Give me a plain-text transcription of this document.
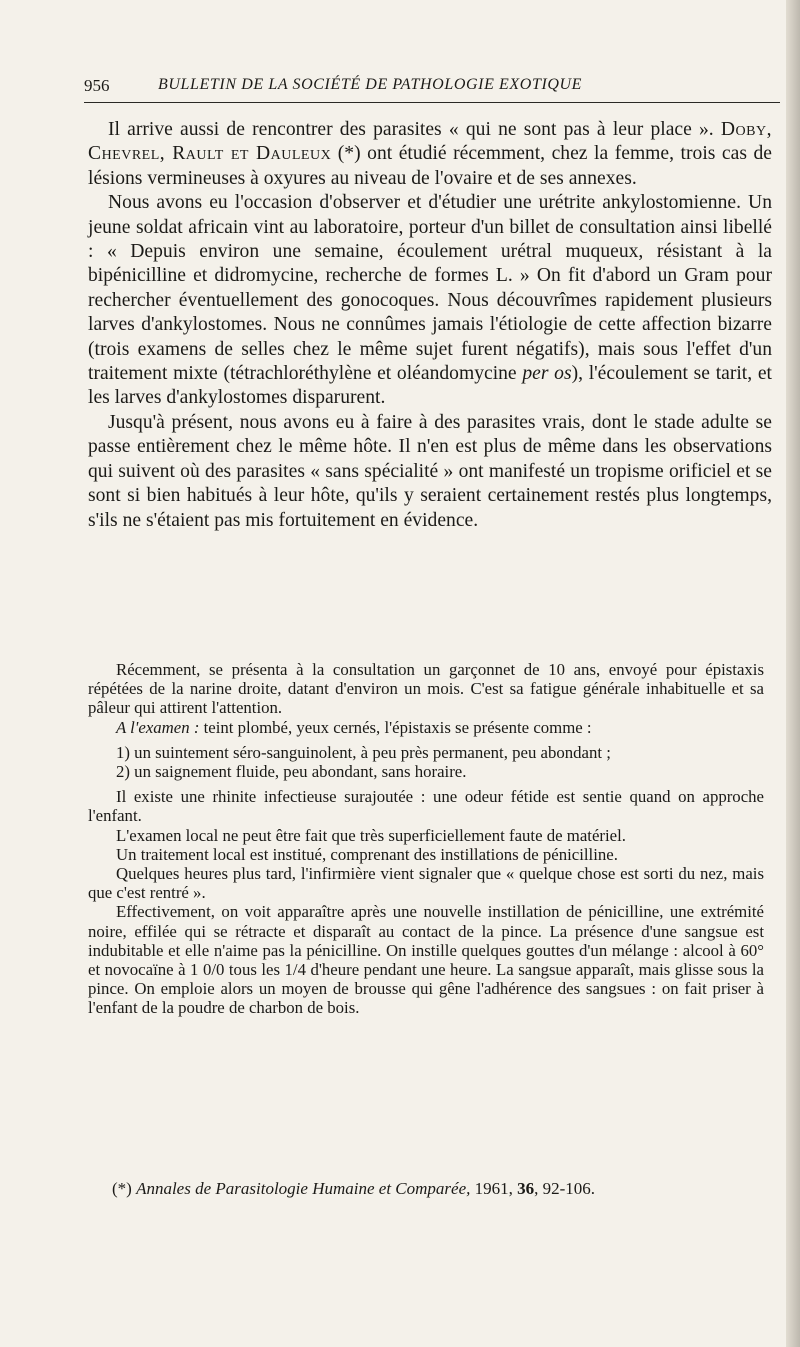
956	BULLETIN DE LA SOCIÉTÉ DE PATHOLOGIE EXOTIQUE

Il arrive aussi de rencontrer des parasites « qui ne sont pas à leur place ». Doby, Chevrel, Rault et Dauleux (*) ont étudié récemment, chez la femme, trois cas de lésions vermineuses à oxyures au niveau de l'ovaire et de ses annexes.

Nous avons eu l'occasion d'observer et d'étudier une urétrite ankylostomienne. Un jeune soldat africain vint au laboratoire, porteur d'un billet de consultation ainsi libellé : « Depuis environ une semaine, écoulement urétral muqueux, résistant à la bipénicilline et didromycine, recherche de formes L. » On fit d'abord un Gram pour rechercher éventuellement des gonocoques. Nous découvrîmes rapidement plusieurs larves d'ankylostomes. Nous ne connûmes jamais l'étiologie de cette affection bizarre (trois examens de selles chez le même sujet furent négatifs), mais sous l'effet d'un traitement mixte (tétrachloréthylène et oléandomycine per os), l'écoulement se tarit, et les larves d'ankylostomes disparurent.

Jusqu'à présent, nous avons eu à faire à des parasites vrais, dont le stade adulte se passe entièrement chez le même hôte. Il n'en est plus de même dans les observations qui suivent où des parasites « sans spécialité » ont manifesté un tropisme orificiel et se sont si bien habitués à leur hôte, qu'ils y seraient certainement restés plus longtemps, s'ils ne s'étaient pas mis fortuitement en évidence.

Récemment, se présenta à la consultation un garçonnet de 10 ans, envoyé pour épistaxis répétées de la narine droite, datant d'environ un mois. C'est sa fatigue générale inhabituelle et sa pâleur qui attirent l'attention.

A l'examen : teint plombé, yeux cernés, l'épistaxis se présente comme :

1) un suintement séro-sanguinolent, à peu près permanent, peu abondant ;

2) un saignement fluide, peu abondant, sans horaire.

Il existe une rhinite infectieuse surajoutée : une odeur fétide est sentie quand on approche l'enfant.

L'examen local ne peut être fait que très superficiellement faute de matériel.

Un traitement local est institué, comprenant des instillations de pénicilline.

Quelques heures plus tard, l'infirmière vient signaler que « quelque chose est sorti du nez, mais que c'est rentré ».

Effectivement, on voit apparaître après une nouvelle instillation de pénicilline, une extrémité noire, effilée qui se rétracte et disparaît au contact de la pince. La présence d'une sangsue est indubitable et elle n'aime pas la pénicilline. On instille quelques gouttes d'un mélange : alcool à 60° et novocaïne à 1 0/0 tous les 1/4 d'heure pendant une heure. La sangsue apparaît, mais glisse sous la pince. On emploie alors un moyen de brousse qui gêne l'adhérence des sangsues : on fait priser à l'enfant de la poudre de charbon de bois.

(*) Annales de Parasitologie Humaine et Comparée, 1961, 36, 92-106.
